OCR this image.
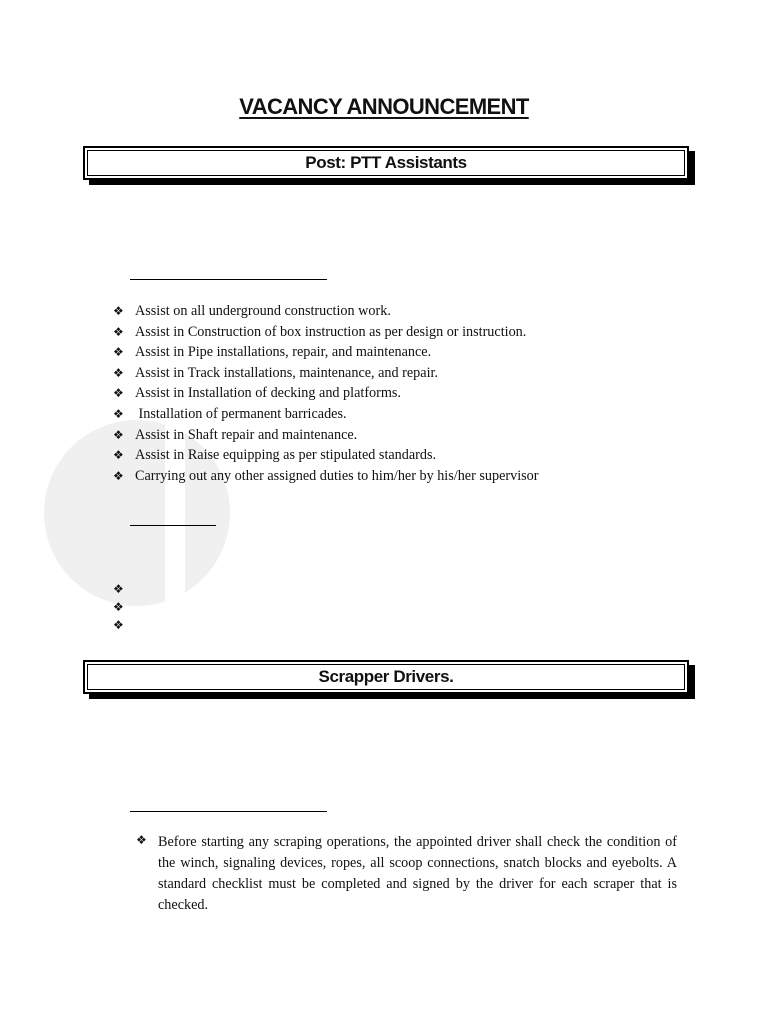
VACANCY ANNOUNCEMENT
Post: PTT Assistants
❖ Assist on all underground construction work.
❖ Assist in Construction of box instruction as per design or instruction.
❖ Assist in Pipe installations, repair, and maintenance.
❖ Assist in Track installations, maintenance, and repair.
❖ Assist in Installation of decking and platforms.
❖ Installation of permanent barricades.
❖ Assist in Shaft repair and maintenance.
❖ Assist in Raise equipping as per stipulated standards.
❖ Carrying out any other assigned duties to him/her by his/her supervisor
❖
❖
❖
Scrapper Drivers.
❖ Before starting any scraping operations, the appointed driver shall check the condition of the winch, signaling devices, ropes, all scoop connections, snatch blocks and eyebolts. A standard checklist must be completed and signed by the driver for each scraper that is checked.
